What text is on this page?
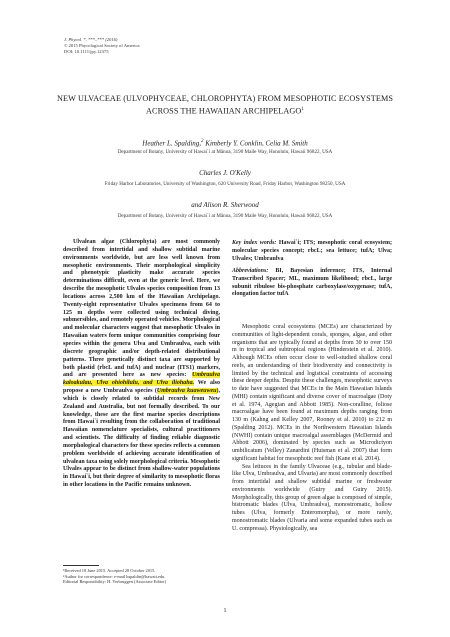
J. Phycol. *, ***–*** (2016)
© 2015 Phycological Society of America
DOI: 10.1111/jpy.12375
NEW ULVACEAE (ULVOPHYCEAE, CHLOROPHYTA) FROM MESOPHOTIC ECOSYSTEMS
ACROSS THE HAWAIIAN ARCHIPELAGO$^1$
Heather L. Spalding,$^2$ Kimberly Y. Conklin, Celia M. Smith
Department of Botany, University of Hawai`i at Mānoa, 3190 Maile Way, Honolulu, Hawaii 96822, USA
Charles J. O'Kelly
Friday Harbor Laboratories, University of Washington, 620 University Road, Friday Harbor, Washington 98250, USA
and Alison R. Sherwood
Department of Botany, University of Hawai`i at Mānoa, 3190 Maile Way, Honolulu, Hawaii 96822, USA

Ulvalean algae (Chlorophyta) are most commonly described from intertidal and shallow subtidal marine environments worldwide, but are less well known from mesophotic environments. Their morphological simplicity and phenotypic plasticity make accurate species determinations difficult, even at the generic level. Here, we describe the mesophotic Ulvales species composition from 13 locations across 2,500 km of the Hawaiian Archipelago. Twenty-eight representative Ulvales specimens from 64 to 125 m depths were collected using technical diving, submersibles, and remotely operated vehicles. Morphological and molecular characters suggest that mesophotic Ulvales in Hawaiian waters form unique communities comprising four species within the genera Ulva and Umbraulva, each with discrete geographic and/or depth-related distributional patterns. Three genetically distinct taxa are supported by both plastid (rbcL and tufA) and nuclear (ITS1) markers, and are presented here as new species: Umbraulva kaloakulau, Ulva ohiohilulu, and Ulva iliohaha. We also propose a new Umbraulva species (Umbraulva kuaweuweu), which is closely related to subtidal records from New Zealand and Australia, but not formally described. To our knowledge, these are the first marine species descriptions from Hawai`i resulting from the collaboration of traditional Hawaiian nomenclature specialists, cultural practitioners and scientists. The difficulty of finding reliable diagnostic morphological characters for these species reflects a common problem worldwide of achieving accurate identification of ulvalean taxa using solely morphological criteria. Mesophotic Ulvales appear to be distinct from shallow-water populations in Hawai`i, but their degree of similarity to mesophotic floras in other locations in the Pacific remains unknown.

Key index words: Hawai`i; ITS; mesophotic coral ecosystem; molecular species concept; rbcL; sea lettuce; tufA; Ulva; Ulvales; Umbraulva

Abbreviations: BI, Bayesian inference; ITS, Internal Transcribed Spacer; ML, maximum likelihood; rbcL, large subunit ribulose bis-phosphate carboxylase/oxygenase; tufA, elongation factor tufA

Mesophotic coral ecosystems (MCEs) are characterized by communities of light-dependent corals, sponges, algae, and other organisms that are typically found at depths from 30 to over 150 m in tropical and subtropical regions (Hinderstein et al. 2010). Although MCEs often occur close to well-studied shallow coral reefs, an understanding of their biodiversity and connectivity is limited by the technical and logistical constraints of accessing these deeper depths. Despite these challenges, mesophotic surveys to date have suggested that MCEs in the Main Hawaiian Islands (MHI) contain significant and diverse cover of macroalgae (Doty et al. 1974, Agegian and Abbott 1985). Non-coralline, foliose macroalgae have been found at maximum depths ranging from 130 m (Kahng and Kelley 2007, Rooney et al. 2010) to 212 m (Spalding 2012). MCEs in the Northwestern Hawaiian Islands (NWHI) contain unique macroalgal assemblages (McDermid and Abbott 2006), dominated by species such as Microdictyon umbilicatum (Velley) Zanardini (Huisman et al. 2007) that form significant habitat for mesophotic reef fish (Kane et al. 2014).

Sea lettuces in the family Ulvaceae (e.g., tubular and blade-like Ulva, Umbraulva, and Ulvaria) are most commonly described from intertidal and shallow subtidal marine or freshwater environments worldwide (Guiry and Guiry 2015). Morphologically, this group of green algae is composed of simple, bistromatic blades (Ulva, Umbraulva), monostromatic, hollow tubes (Ulva, formerly Enteromorpha), or more rarely, monostromatic blades (Ulvaria and some expanded tubes such as U. compressa). Physiologically, sea

¹Received 18 June 2015. Accepted 28 October 2015.
²Author for correspondence: e-mail hspaldin@hawaii.edu.
Editorial Responsibility: H. Verbruggen (Associate Editor)
1
